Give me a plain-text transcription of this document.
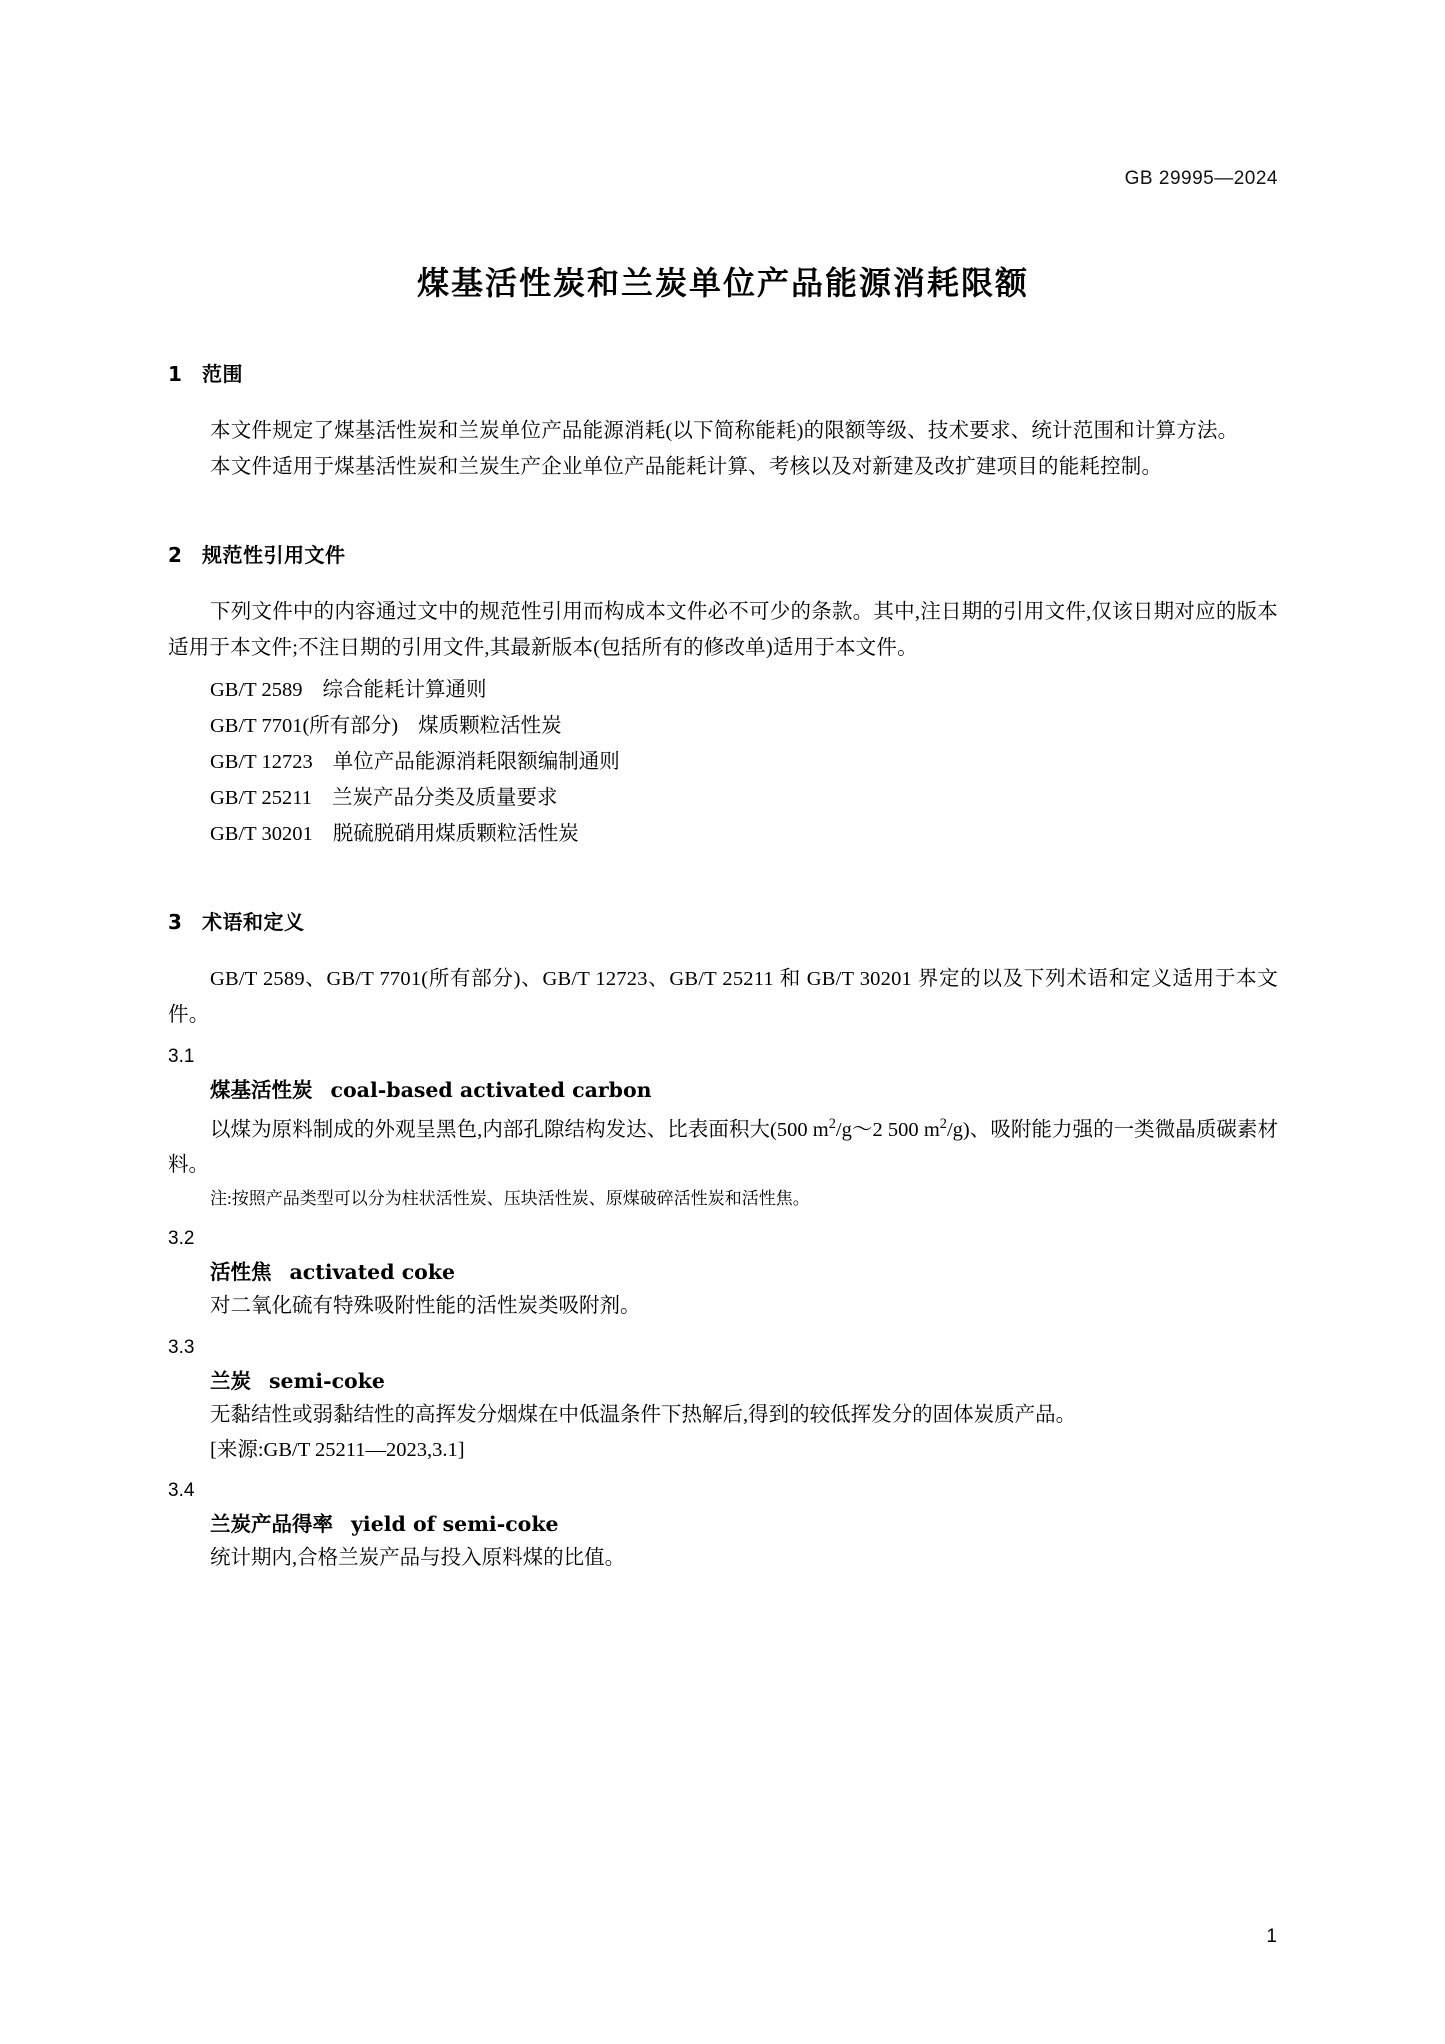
GB 29995—2024
煤基活性炭和兰炭单位产品能源消耗限额
1 范围

本文件规定了煤基活性炭和兰炭单位产品能源消耗(以下简称能耗)的限额等级、技术要求、统计范围和计算方法。

本文件适用于煤基活性炭和兰炭生产企业单位产品能耗计算、考核以及对新建及改扩建项目的能耗控制。

2 规范性引用文件

下列文件中的内容通过文中的规范性引用而构成本文件必不可少的条款。其中,注日期的引用文件,仅该日期对应的版本适用于本文件;不注日期的引用文件,其最新版本(包括所有的修改单)适用于本文件。

GB/T 2589 综合能耗计算通则
GB/T 7701(所有部分) 煤质颗粒活性炭
GB/T 12723 单位产品能源消耗限额编制通则
GB/T 25211 兰炭产品分类及质量要求
GB/T 30201 脱硫脱硝用煤质颗粒活性炭
3 术语和定义

GB/T 2589、GB/T 7701(所有部分)、GB/T 12723、GB/T 25211 和 GB/T 30201 界定的以及下列术语和定义适用于本文件。

3.1
煤基活性炭 coal-based activated carbon
以煤为原料制成的外观呈黑色,内部孔隙结构发达、比表面积大(500 $m^2/g\sim 2$ 500 $m^2/g$)、吸附能力强的一类微晶质碳素材料。
注:按照产品类型可以分为柱状活性炭、压块活性炭、原煤破碎活性炭和活性焦。
3.2
活性焦 activated coke
对二氧化硫有特殊吸附性能的活性炭类吸附剂。
3.3
兰炭 semi-coke
无黏结性或弱黏结性的高挥发分烟煤在中低温条件下热解后,得到的较低挥发分的固体炭质产品。
[来源:GB/T 25211—2023,3.1]
3.4
兰炭产品得率 yield of semi-coke
统计期内,合格兰炭产品与投入原料煤的比值。
1
